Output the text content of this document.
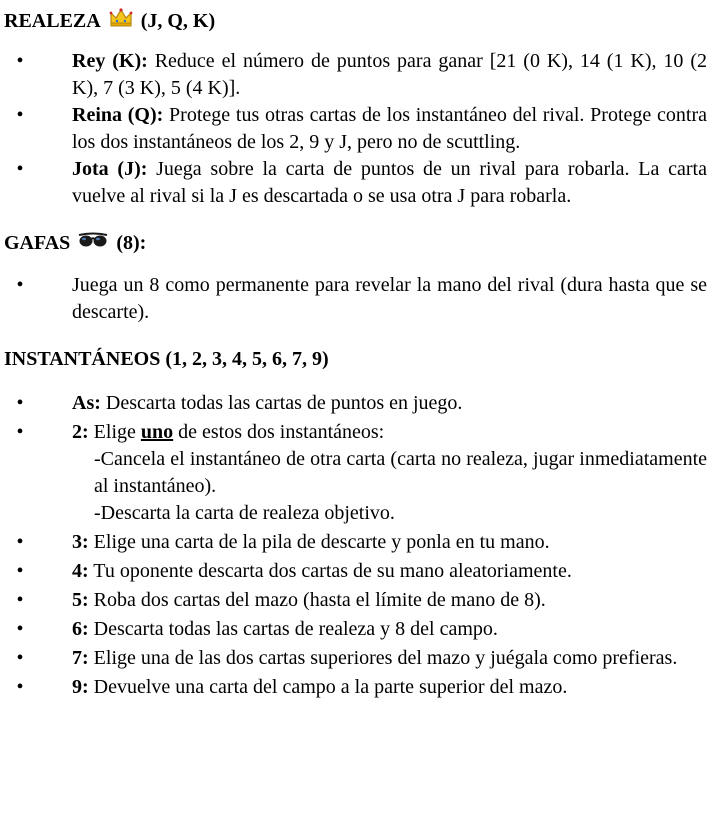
REALEZA (J, Q, K)
• Rey (K): Reduce el número de puntos para ganar [21 (0 K), 14 (1 K), 10 (2 K), 7 (3 K), 5 (4 K)].
• Reina (Q): Protege tus otras cartas de los instantáneo del rival. Protege contra los dos instantáneos de los 2, 9 y J, pero no de scuttling.
• Jota (J): Juega sobre la carta de puntos de un rival para robarla. La carta vuelve al rival si la J es descartada o se usa otra J para robarla.
GAFAS (8):
• Juega un 8 como permanente para revelar la mano del rival (dura hasta que se descarte).
INSTANTÁNEOS (1, 2, 3, 4, 5, 6, 7, 9)
• As: Descarta todas las cartas de puntos en juego.
• 2: Elige uno de estos dos instantáneos:
-Cancela el instantáneo de otra carta (carta no realeza, jugar inmediatamente al instantáneo).
-Descarta la carta de realeza objetivo.
• 3: Elige una carta de la pila de descarte y ponla en tu mano.
• 4: Tu oponente descarta dos cartas de su mano aleatoriamente.
• 5: Roba dos cartas del mazo (hasta el límite de mano de 8).
• 6: Descarta todas las cartas de realeza y 8 del campo.
• 7: Elige una de las dos cartas superiores del mazo y juégala como prefieras.
• 9: Devuelve una carta del campo a la parte superior del mazo.
